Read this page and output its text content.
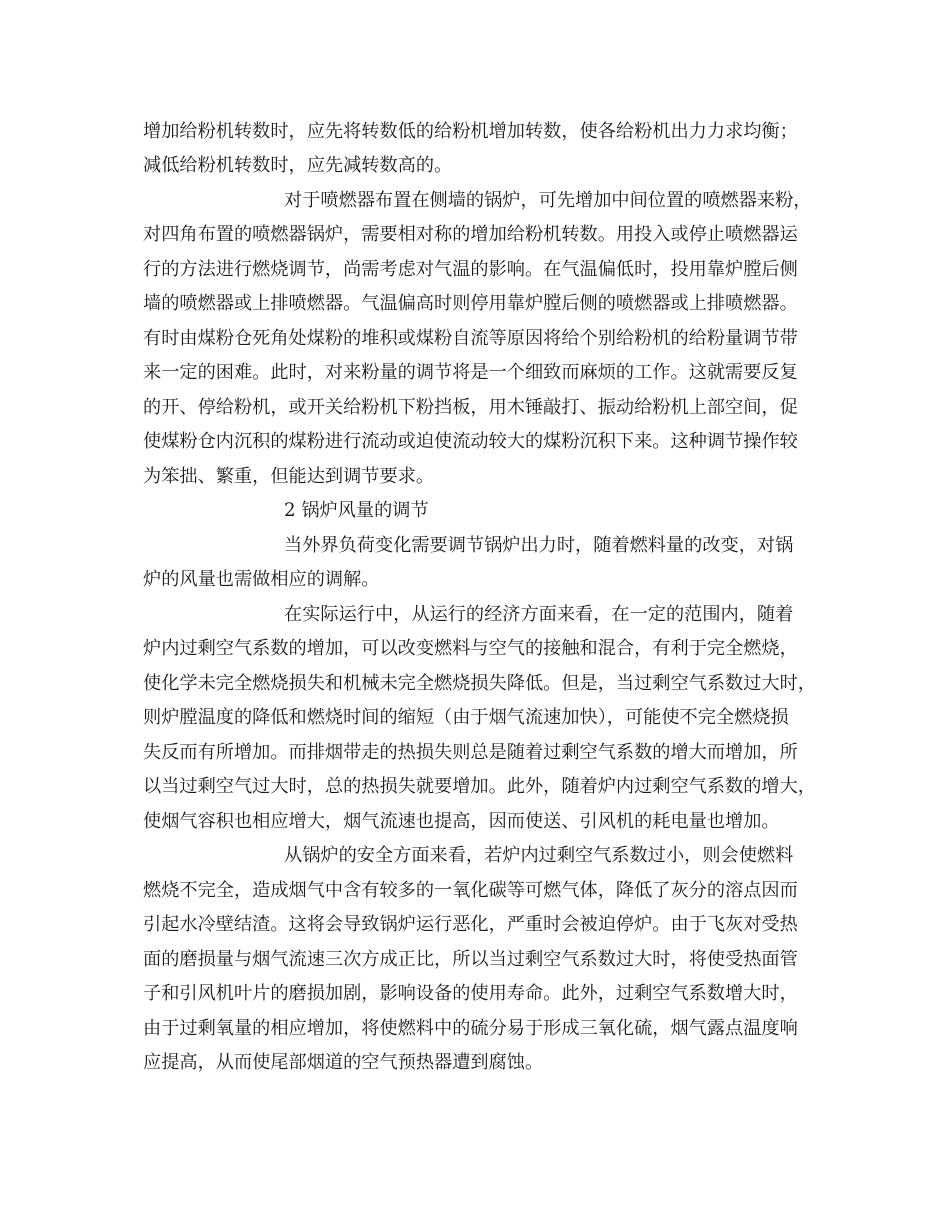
增加给粉机转数时，应先将转数低的给粉机增加转数，使各给粉机出力力求均衡；
减低给粉机转数时，应先减转数高的。
对于喷燃器布置在侧墙的锅炉，可先增加中间位置的喷燃器来粉，
对四角布置的喷燃器锅炉，需要相对称的增加给粉机转数。用投入或停止喷燃器运
行的方法进行燃烧调节，尚需考虑对气温的影响。在气温偏低时，投用靠炉膛后侧
墙的喷燃器或上排喷燃器。气温偏高时则停用靠炉膛后侧的喷燃器或上排喷燃器。
有时由煤粉仓死角处煤粉的堆积或煤粉自流等原因将给个别给粉机的给粉量调节带
来一定的困难。此时，对来粉量的调节将是一个细致而麻烦的工作。这就需要反复
的开、停给粉机，或开关给粉机下粉挡板，用木锤敲打、振动给粉机上部空间，促
使煤粉仓内沉积的煤粉进行流动或迫使流动较大的煤粉沉积下来。这种调节操作较
为笨拙、繁重，但能达到调节要求。
2 锅炉风量的调节
当外界负荷变化需要调节锅炉出力时，随着燃料量的改变，对锅
炉的风量也需做相应的调解。
在实际运行中，从运行的经济方面来看，在一定的范围内，随着
炉内过剩空气系数的增加，可以改变燃料与空气的接触和混合，有利于完全燃烧，
使化学未完全燃烧损失和机械未完全燃烧损失降低。但是，当过剩空气系数过大时，
则炉膛温度的降低和燃烧时间的缩短（由于烟气流速加快），可能使不完全燃烧损
失反而有所增加。而排烟带走的热损失则总是随着过剩空气系数的增大而增加，所
以当过剩空气过大时，总的热损失就要增加。此外，随着炉内过剩空气系数的增大，
使烟气容积也相应增大，烟气流速也提高，因而使送、引风机的耗电量也增加。
从锅炉的安全方面来看，若炉内过剩空气系数过小，则会使燃料
燃烧不完全，造成烟气中含有较多的一氧化碳等可燃气体，降低了灰分的溶点因而
引起水冷壁结渣。这将会导致锅炉运行恶化，严重时会被迫停炉。由于飞灰对受热
面的磨损量与烟气流速三次方成正比，所以当过剩空气系数过大时，将使受热面管
子和引风机叶片的磨损加剧，影响设备的使用寿命。此外，过剩空气系数增大时，
由于过剩氧量的相应增加，将使燃料中的硫分易于形成三氧化硫，烟气露点温度响
应提高，从而使尾部烟道的空气预热器遭到腐蚀。
